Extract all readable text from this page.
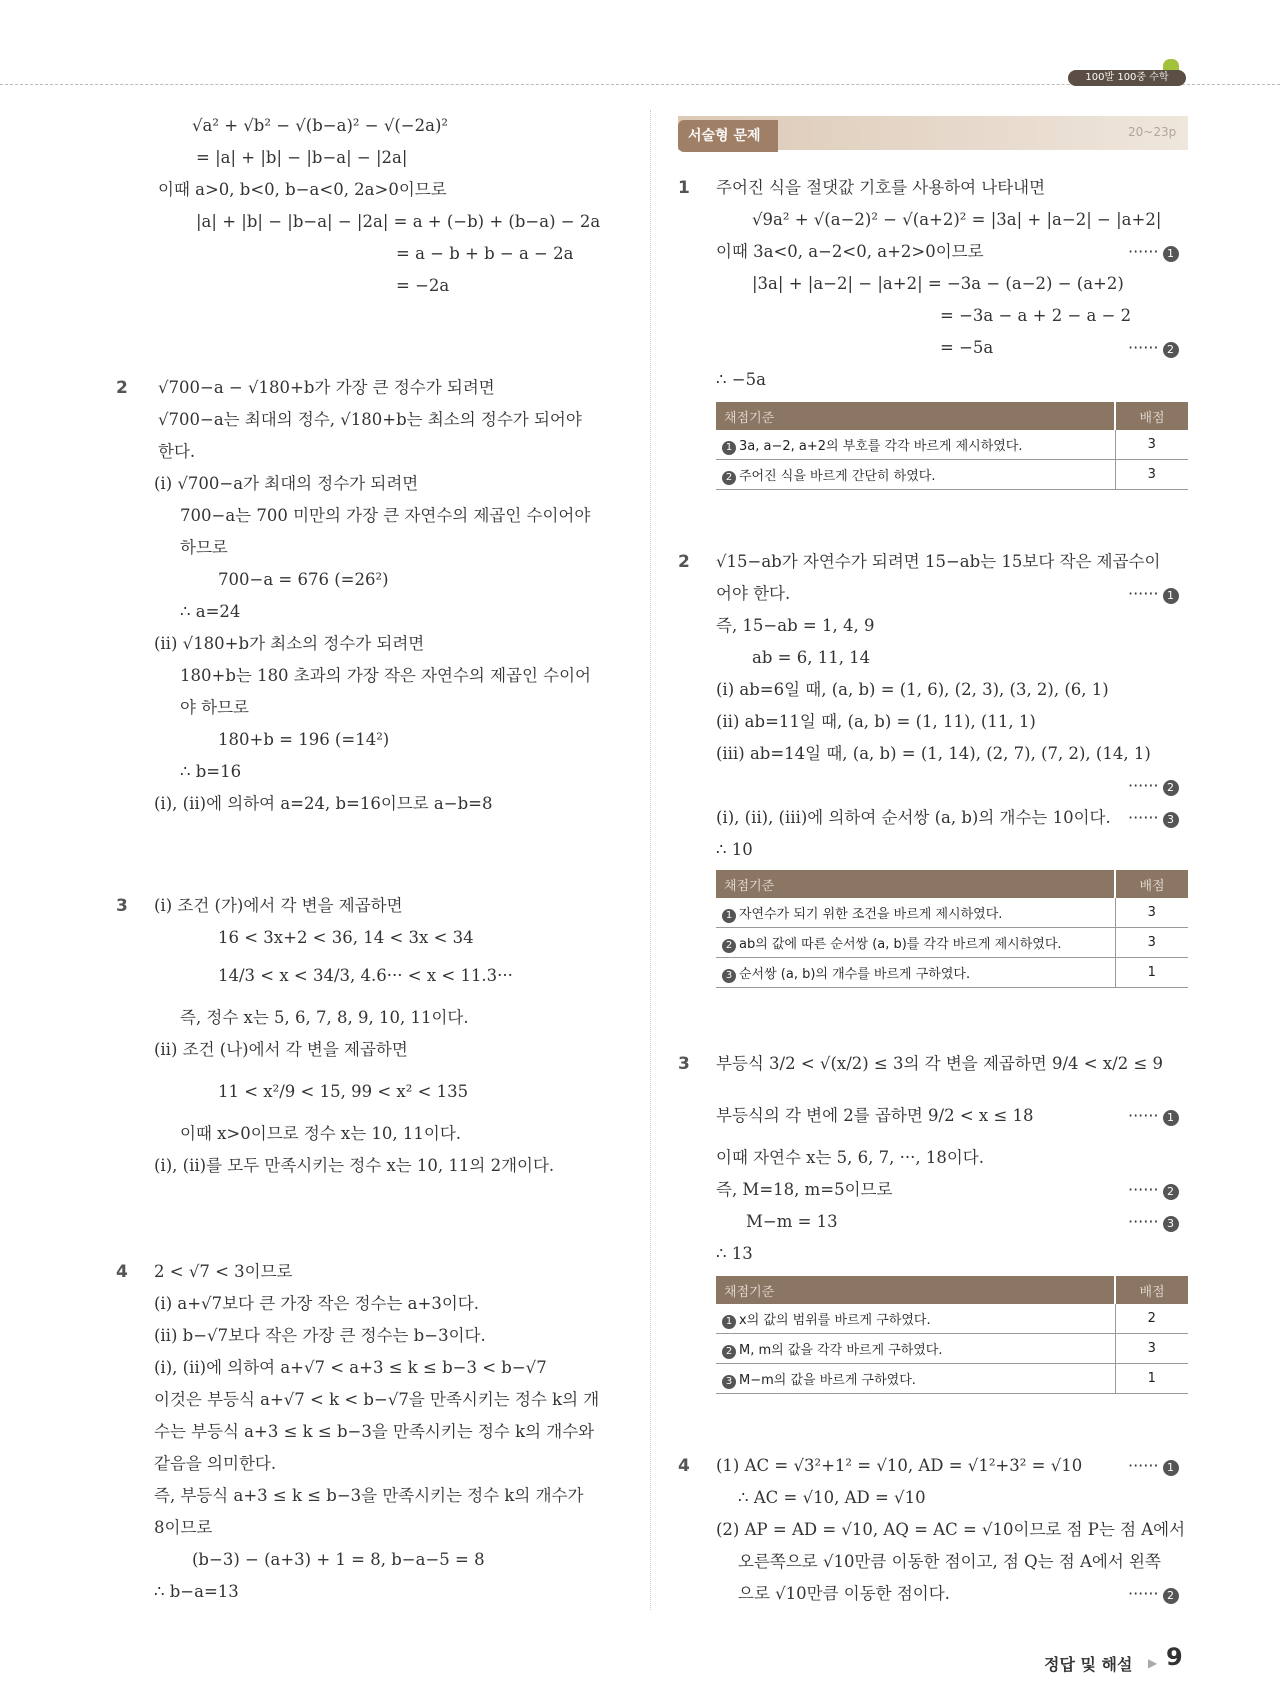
100발 100중 수학
√a² + √b² − √(b−a)² − √(−2a)²
= |a| + |b| − |b−a| − |2a|
이때 a>0, b<0, b−a<0, 2a>0이므로
|a| + |b| − |b−a| − |2a| = a + (−b) + (b−a) − 2a
= a − b + b − a − 2a
= −2a
2 √700−a − √180+b가 가장 큰 정수가 되려면
√700−a는 최대의 정수, √180+b는 최소의 정수가 되어야
한다.
(ⅰ) √700−a가 최대의 정수가 되려면
700−a는 700 미만의 가장 큰 자연수의 제곱인 수이어야
하므로
700−a = 676 (=26²)
∴ a=24
(ⅱ) √180+b가 최소의 정수가 되려면
180+b는 180 초과의 가장 작은 자연수의 제곱인 수이어
야 하므로
180+b = 196 (=14²)
∴ b=16
(ⅰ), (ⅱ)에 의하여 a=24, b=16이므로 a−b=8
3 (ⅰ) 조건 (가)에서 각 변을 제곱하면
16 < 3x+2 < 36, 14 < 3x < 34
14/3 < x < 34/3, 4.6··· < x < 11.3···
즉, 정수 x는 5, 6, 7, 8, 9, 10, 11이다.
(ⅱ) 조건 (나)에서 각 변을 제곱하면
11 < x²/9 < 15, 99 < x² < 135
이때 x>0이므로 정수 x는 10, 11이다.
(ⅰ), (ⅱ)를 모두 만족시키는 정수 x는 10, 11의 2개이다.
4 2 < √7 < 3이므로
(ⅰ) a+√7보다 큰 가장 작은 정수는 a+3이다.
(ⅱ) b−√7보다 작은 가장 큰 정수는 b−3이다.
(ⅰ), (ⅱ)에 의하여 a+√7 < a+3 ≤ k ≤ b−3 < b−√7
이것은 부등식 a+√7 < k < b−√7을 만족시키는 정수 k의 개
수는 부등식 a+3 ≤ k ≤ b−3을 만족시키는 정수 k의 개수와
같음을 의미한다.
즉, 부등식 a+3 ≤ k ≤ b−3을 만족시키는 정수 k의 개수가
8이므로
(b−3) − (a+3) + 1 = 8, b−a−5 = 8
∴ b−a=13
서술형 문제	20~23p
1 주어진 식을 절댓값 기호를 사용하여 나타내면
√9a² + √(a−2)² − √(a+2)² = |3a| + |a−2| − |a+2|
이때 3a<0, a−2<0, a+2>0이므로	······ 1
|3a| + |a−2| − |a+2| = −3a − (a−2) − (a+2)
= −3a − a + 2 − a − 2
= −5a	······ 2
∴ −5a
채점기준	배점
1 3a, a−2, a+2의 부호를 각각 바르게 제시하였다.	3
2 주어진 식을 바르게 간단히 하였다.	3
2 √15−ab가 자연수가 되려면 15−ab는 15보다 작은 제곱수이
어야 한다.	······ 1
즉, 15−ab = 1, 4, 9
ab = 6, 11, 14
(ⅰ) ab=6일 때, (a, b) = (1, 6), (2, 3), (3, 2), (6, 1)
(ⅱ) ab=11일 때, (a, b) = (1, 11), (11, 1)
(ⅲ) ab=14일 때, (a, b) = (1, 14), (2, 7), (7, 2), (14, 1)
······ 2
(ⅰ), (ⅱ), (ⅲ)에 의하여 순서쌍 (a, b)의 개수는 10이다. ······ 3
∴ 10
채점기준	배점
1 자연수가 되기 위한 조건을 바르게 제시하였다.	3
2 ab의 값에 따른 순서쌍 (a, b)를 각각 바르게 제시하였다.	3
3 순서쌍 (a, b)의 개수를 바르게 구하였다.	1
3 부등식 3/2 < √(x/2) ≤ 3의 각 변을 제곱하면 9/4 < x/2 ≤ 9
부등식의 각 변에 2를 곱하면 9/2 < x ≤ 18	······ 1
이때 자연수 x는 5, 6, 7, ···, 18이다.
즉, M=18, m=5이므로	······ 2
M−m = 13	······ 3
∴ 13
채점기준	배점
1 x의 값의 범위를 바르게 구하였다.	2
2 M, m의 값을 각각 바르게 구하였다.	3
3 M−m의 값을 바르게 구하였다.	1
4 (1) AC = √3²+1² = √10, AD = √1²+3² = √10	······ 1
∴ AC = √10, AD = √10
(2) AP = AD = √10, AQ = AC = √10이므로 점 P는 점 A에서
오른쪽으로 √10만큼 이동한 점이고, 점 Q는 점 A에서 왼쪽
으로 √10만큼 이동한 점이다.	······ 2
정답 및 해설 ▶ 9
